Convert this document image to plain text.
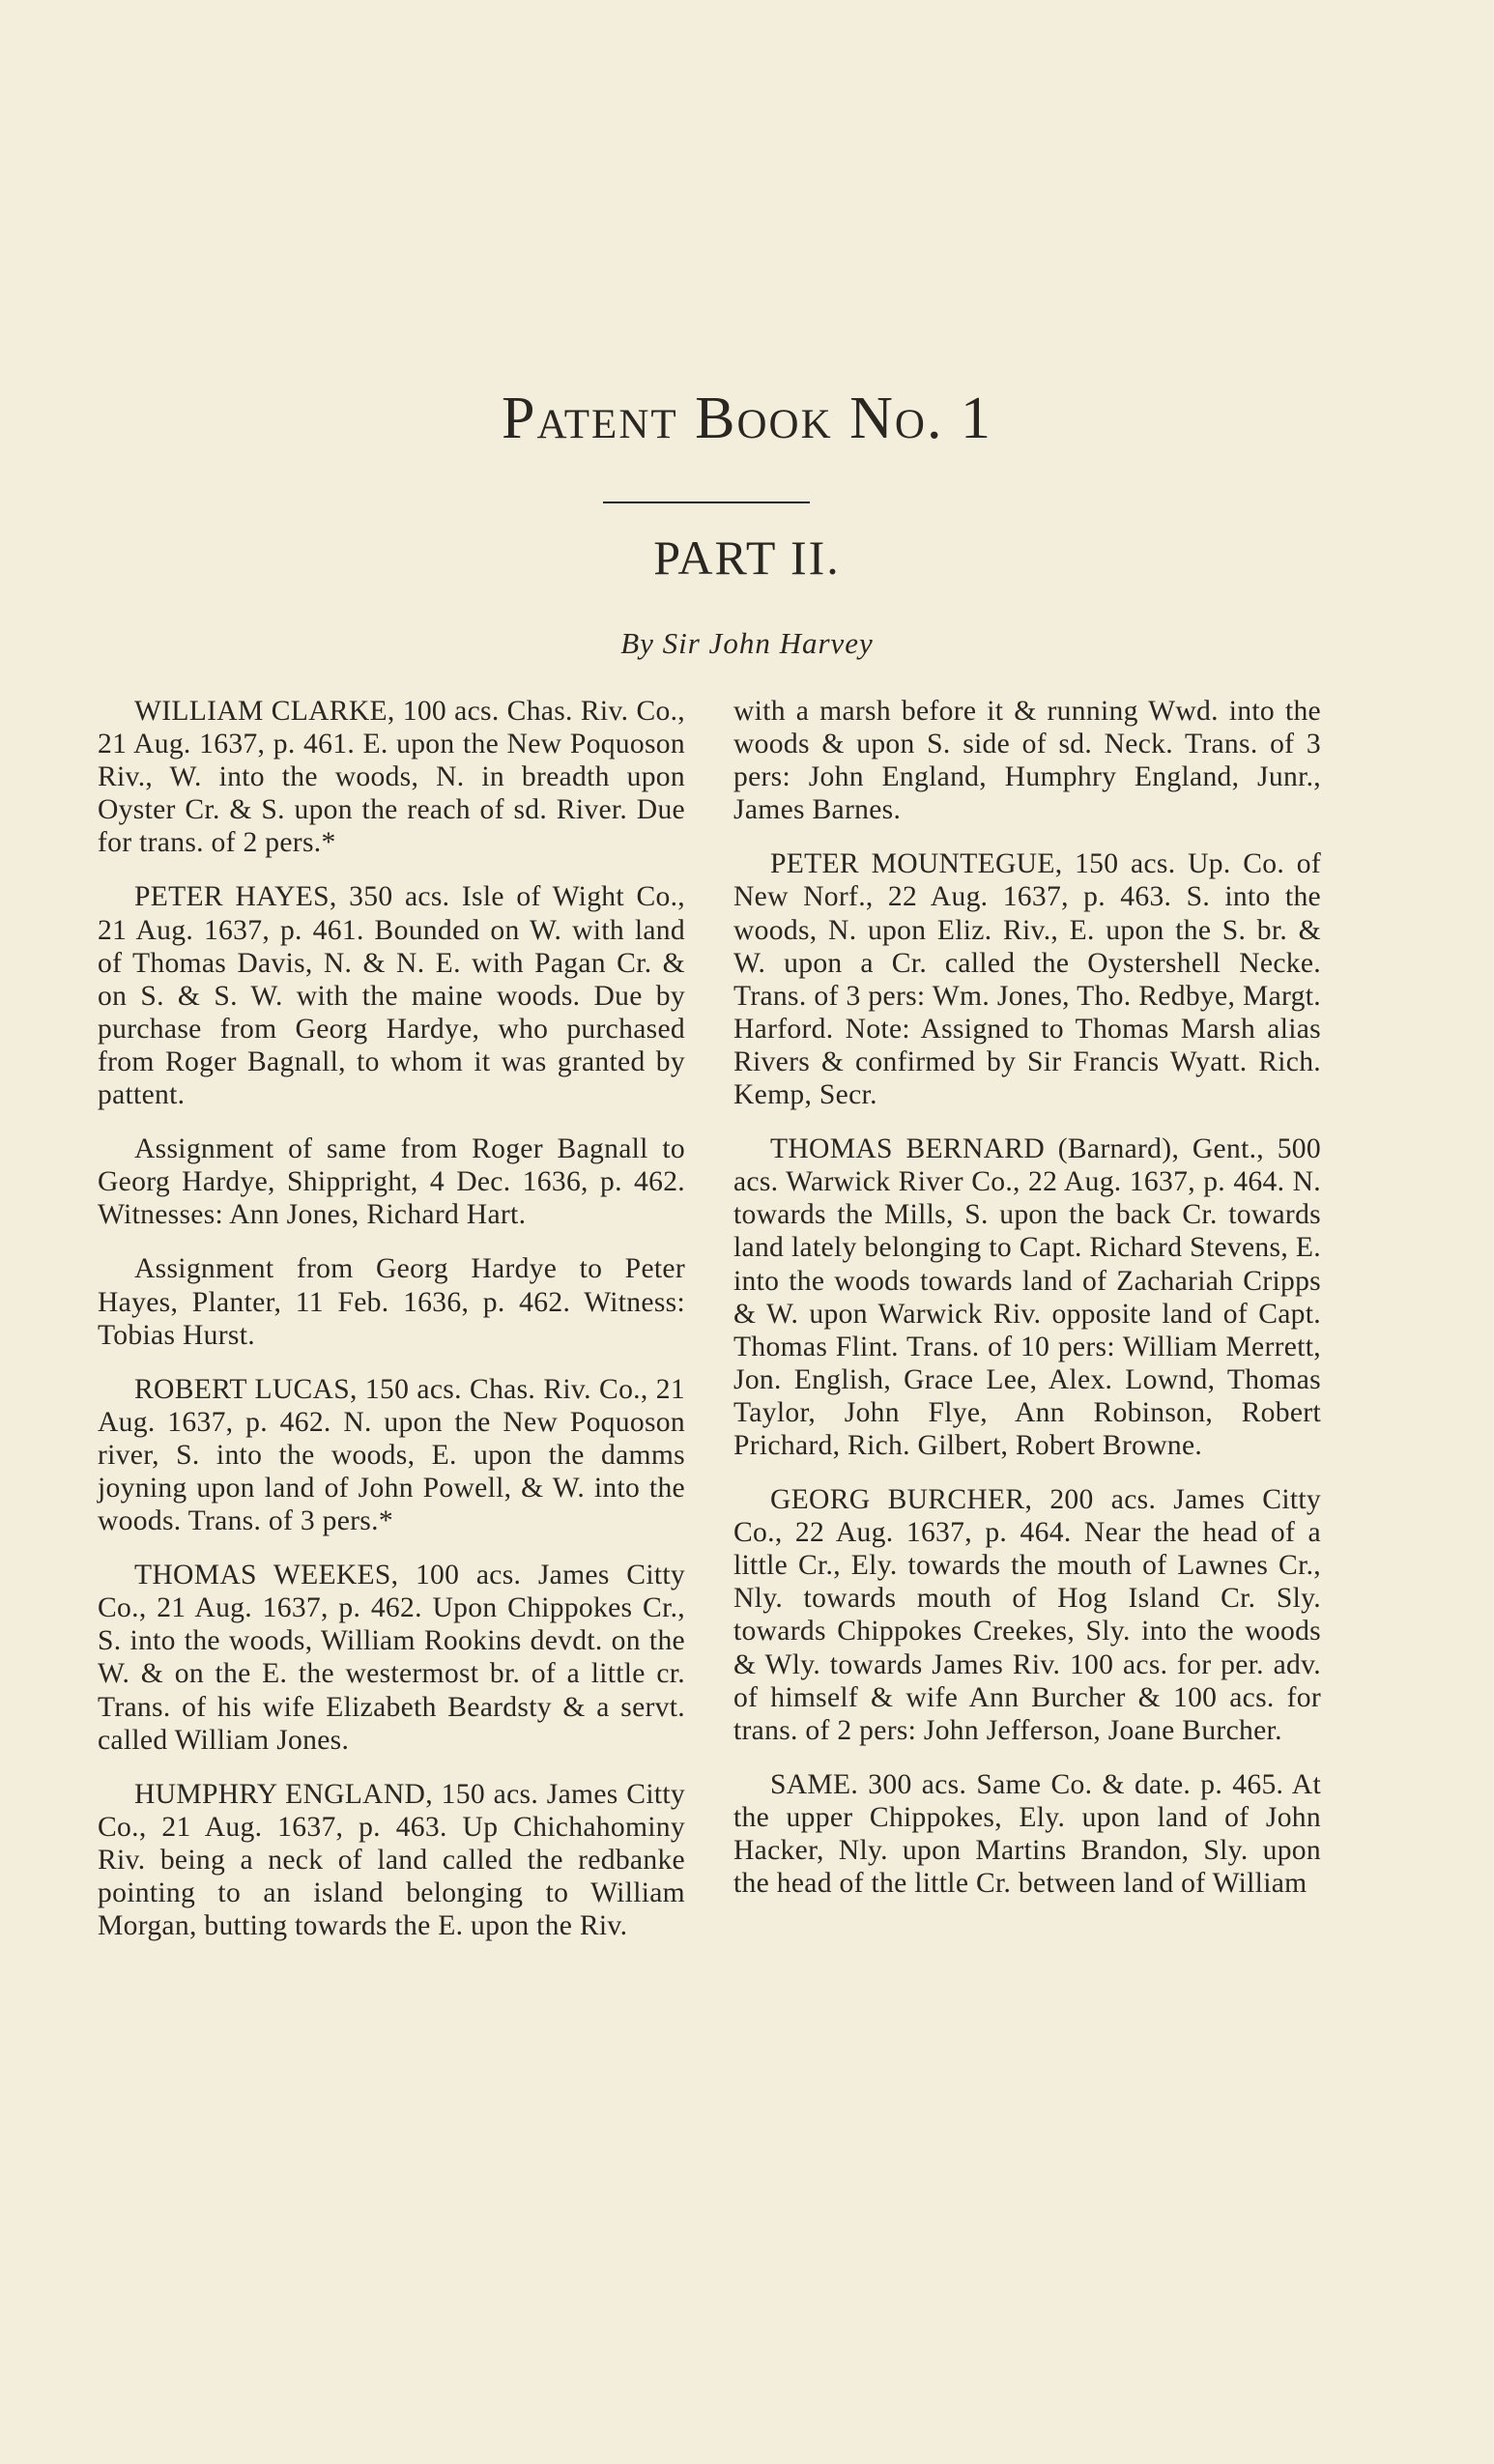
Patent Book No. 1
PART II.
By Sir John Harvey

WILLIAM CLARKE, 100 acs. Chas. Riv. Co., 21 Aug. 1637, p. 461. E. upon the New Poquoson Riv., W. into the woods, N. in breadth upon Oyster Cr. & S. upon the reach of sd. River. Due for trans. of 2 pers.*

PETER HAYES, 350 acs. Isle of Wight Co., 21 Aug. 1637, p. 461. Bounded on W. with land of Thomas Davis, N. & N. E. with Pagan Cr. & on S. & S. W. with the maine woods. Due by purchase from Georg Hardye, who purchased from Roger Bagnall, to whom it was granted by pattent.

Assignment of same from Roger Bagnall to Georg Hardye, Shippright, 4 Dec. 1636, p. 462. Witnesses: Ann Jones, Richard Hart.

Assignment from Georg Hardye to Peter Hayes, Planter, 11 Feb. 1636, p. 462. Witness: Tobias Hurst.

ROBERT LUCAS, 150 acs. Chas. Riv. Co., 21 Aug. 1637, p. 462. N. upon the New Poquoson river, S. into the woods, E. upon the damms joyning upon land of John Powell, & W. into the woods. Trans. of 3 pers.*

THOMAS WEEKES, 100 acs. James Citty Co., 21 Aug. 1637, p. 462. Upon Chippokes Cr., S. into the woods, William Rookins devdt. on the W. & on the E. the westermost br. of a little cr. Trans. of his wife Elizabeth Beardsty & a servt. called William Jones.

HUMPHRY ENGLAND, 150 acs. James Citty Co., 21 Aug. 1637, p. 463. Up Chichahominy Riv. being a neck of land called the redbanke pointing to an island belonging to William Morgan, butting towards the E. upon the Riv.

with a marsh before it & running Wwd. into the woods & upon S. side of sd. Neck. Trans. of 3 pers: John England, Humphry England, Junr., James Barnes.

PETER MOUNTEGUE, 150 acs. Up. Co. of New Norf., 22 Aug. 1637, p. 463. S. into the woods, N. upon Eliz. Riv., E. upon the S. br. & W. upon a Cr. called the Oystershell Necke. Trans. of 3 pers: Wm. Jones, Tho. Redbye, Margt. Harford. Note: Assigned to Thomas Marsh alias Rivers & confirmed by Sir Francis Wyatt. Rich. Kemp, Secr.

THOMAS BERNARD (Barnard), Gent., 500 acs. Warwick River Co., 22 Aug. 1637, p. 464. N. towards the Mills, S. upon the back Cr. towards land lately belonging to Capt. Richard Stevens, E. into the woods towards land of Zachariah Cripps & W. upon Warwick Riv. opposite land of Capt. Thomas Flint. Trans. of 10 pers: William Merrett, Jon. English, Grace Lee, Alex. Lownd, Thomas Taylor, John Flye, Ann Robinson, Robert Prichard, Rich. Gilbert, Robert Browne.

GEORG BURCHER, 200 acs. James Citty Co., 22 Aug. 1637, p. 464. Near the head of a little Cr., Ely. towards the mouth of Lawnes Cr., Nly. towards mouth of Hog Island Cr. Sly. towards Chippokes Creekes, Sly. into the woods & Wly. towards James Riv. 100 acs. for per. adv. of himself & wife Ann Burcher & 100 acs. for trans. of 2 pers: John Jefferson, Joane Burcher.

SAME. 300 acs. Same Co. & date. p. 465. At the upper Chippokes, Ely. upon land of John Hacker, Nly. upon Martins Brandon, Sly. upon the head of the little Cr. between land of William
